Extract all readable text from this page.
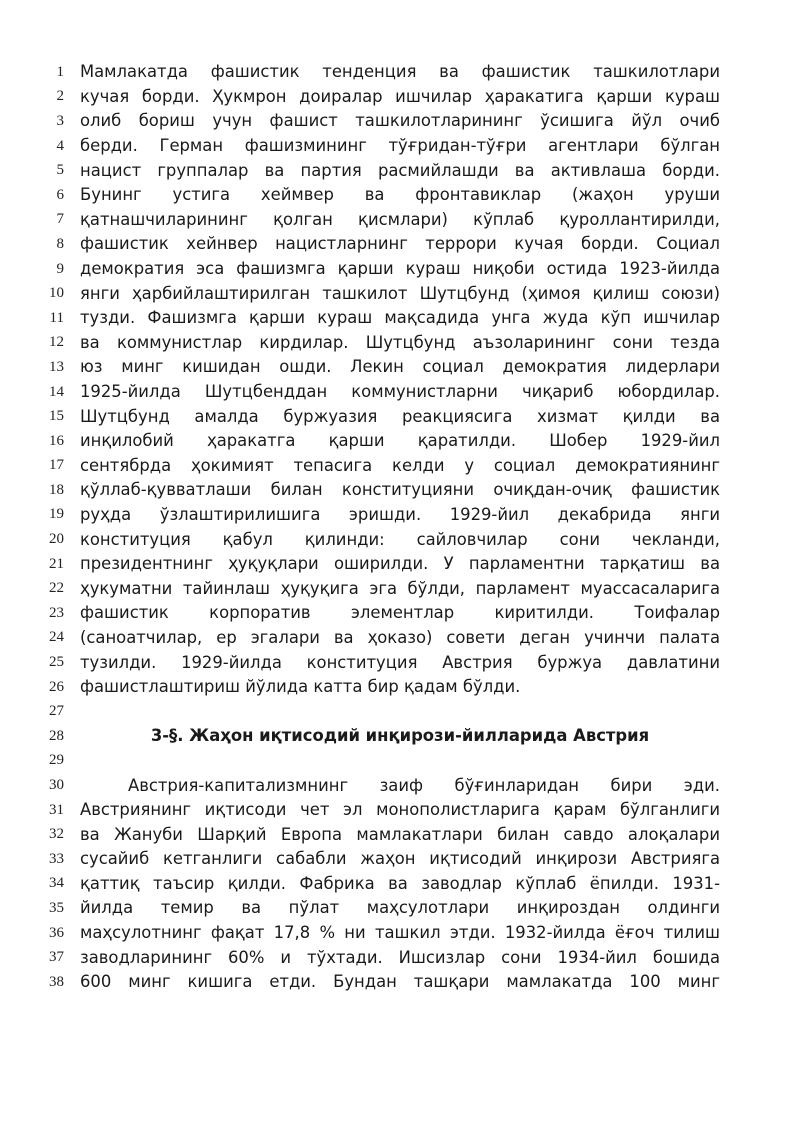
1 Мамлакатда фашистик тенденция ва фашистик ташкилотлари
2 кучая борди. Ҳукмрон доиралар ишчилар ҳаракатига қарши кураш
3 олиб бориш учун фашист ташкилотларининг ўсишига йўл очиб
4 берди. Герман фашизмининг тўғридан-тўғри агентлари бўлган
5 нацист группалар ва партия расмийлашди ва активлаша борди.
6 Бунинг устига хеймвер ва фронтавиклар (жаҳон уруши
7 қатнашчиларининг қолган қисмлари) кўплаб қуроллантирилди,
8 фашистик хейнвер нацистларнинг террори кучая борди. Социал
9 демократия эса фашизмга қарши кураш ниқоби остида 1923-йилда
10 янги ҳарбийлаштирилган ташкилот Шутцбунд (ҳимоя қилиш союзи)
11 тузди. Фашизмга қарши кураш мақсадида унга жуда кўп ишчилар
12 ва коммунистлар кирдилар. Шутцбунд аъзоларининг сони тезда
13 юз минг кишидан ошди. Лекин социал демократия лидерлари
14 1925-йилда Шутцбенддан коммунистларни чиқариб юбордилар.
15 Шутцбунд амалда буржуазия реакциясига хизмат қилди ва
16 инқилобий ҳаракатга қарши қаратилди. Шобер 1929-йил
17 сентябрда ҳокимият тепасига келди у социал демократиянинг
18 қўллаб-қувватлаши билан конституцияни очиқдан-очиқ фашистик
19 руҳда ўзлаштирилишига эришди. 1929-йил декабрида янги
20 конституция қабул қилинди: сайловчилар сони чекланди,
21 президентнинг ҳуқуқлари оширилди. У парламентни тарқатиш ва
22 ҳукуматни тайинлаш ҳуқуқига эга бўлди, парламент муассасаларига
23 фашистик корпоратив элементлар киритилди. Тоифалар
24 (саноатчилар, ер эгалари ва ҳоказо) совети деган учинчи палата
25 тузилди. 1929-йилда конституция Австрия буржуа давлатини
26 фашистлаштириш йўлида катта бир қадам бўлди.
27
28	3-§. Жаҳон иқтисодий инқирози-йилларида Австрия
29
30	Австрия-капитализмнинг заиф бўғинларидан бири эди.
31 Австриянинг иқтисоди чет эл монополистларига қарам бўлганлиги
32 ва Жануби Шарқий Европа мамлакатлари билан савдо алоқалари
33 сусайиб кетганлиги сабабли жаҳон иқтисодий инқирози Австрияга
34 қаттиқ таъсир қилди. Фабрика ва заводлар кўплаб ёпилди. 1931-
35 йилда темир ва пўлат маҳсулотлари инқироздан олдинги
36 маҳсулотнинг фақат 17,8 % ни ташкил этди. 1932-йилда ёғоч тилиш
37 заводларининг 60% и тўхтади. Ишсизлар сони 1934-йил бошида
38 600 минг кишига етди. Бундан ташқари мамлакатда 100 минг
